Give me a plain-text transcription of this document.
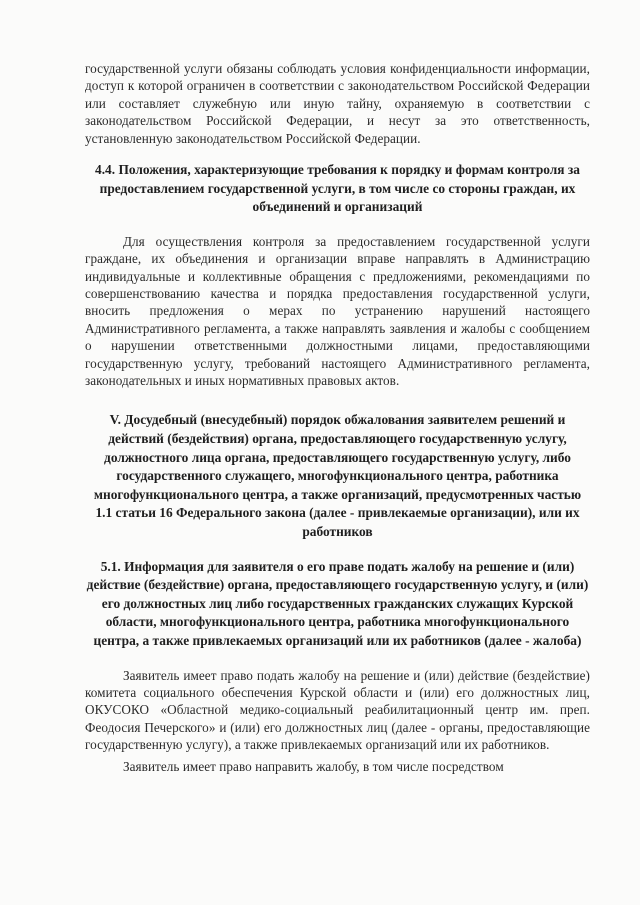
государственной услуги обязаны соблюдать условия конфиденциальности информации, доступ к которой ограничен в соответствии с законодательством Российской Федерации или составляет служебную или иную тайну, охраняемую в соответствии с законодательством Российской Федерации, и несут за это ответственность, установленную законодательством Российской Федерации.

4.4. Положения, характеризующие требования к порядку и формам контроля за предоставлением государственной услуги, в том числе со стороны граждан, их объединений и организаций

Для осуществления контроля за предоставлением государственной услуги граждане, их объединения и организации вправе направлять в Администрацию индивидуальные и коллективные обращения с предложениями, рекомендациями по совершенствованию качества и порядка предоставления государственной услуги, вносить предложения о мерах по устранению нарушений настоящего Административного регламента, а также направлять заявления и жалобы с сообщением о нарушении ответственными должностными лицами, предоставляющими государственную услугу, требований настоящего Административного регламента, законодательных и иных нормативных правовых актов.

V. Досудебный (внесудебный) порядок обжалования заявителем решений и действий (бездействия) органа, предоставляющего государственную услугу, должностного лица органа, предоставляющего государственную услугу, либо государственного служащего, многофункционального центра, работника многофункционального центра, а также организаций, предусмотренных частью 1.1 статьи 16 Федерального закона (далее - привлекаемые организации), или их работников
5.1. Информация для заявителя о его праве подать жалобу на решение и (или) действие (бездействие) органа, предоставляющего государственную услугу, и (или) его должностных лиц либо государственных гражданских служащих Курской области, многофункционального центра, работника многофункционального центра, а также привлекаемых организаций или их работников (далее - жалоба)

Заявитель имеет право подать жалобу на решение и (или) действие (бездействие) комитета социального обеспечения Курской области и (или) его должностных лиц, ОКУСОКО «Областной медико-социальный реабилитационный центр им. преп. Феодосия Печерского» и (или) его должностных лиц (далее - органы, предоставляющие государственную услугу), а также привлекаемых организаций или их работников.

Заявитель имеет право направить жалобу, в том числе посредством
